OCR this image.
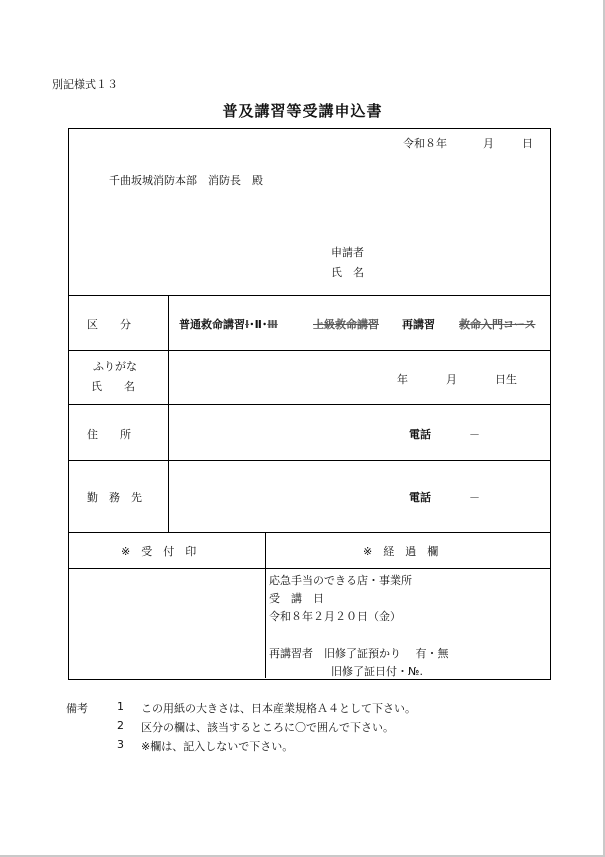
別記様式１３
普及講習等受講申込書
令和８年	月	日
千曲坂城消防本部　消防長　殿
申請者
氏　名
区　　分	普通救命講習Ⅰ･Ⅱ･Ⅲ	上級救命講習 再講習 救命入門コース
ふりがな
氏　　名
年	月	日生
住　　所	電話	－
勤　務　先	電話	－
※　受　付　印	※　経　過　欄
応急手当のできる店・事業所
受　講　日
令和８年２月２０日（金）
再講習者　旧修了証預かり　 有・無
旧修了証日付・№.
備考	1 この用紙の大きさは、日本産業規格Ａ４として下さい。
2 区分の欄は、該当するところに〇で囲んで下さい。
3 ※欄は、記入しないで下さい。
